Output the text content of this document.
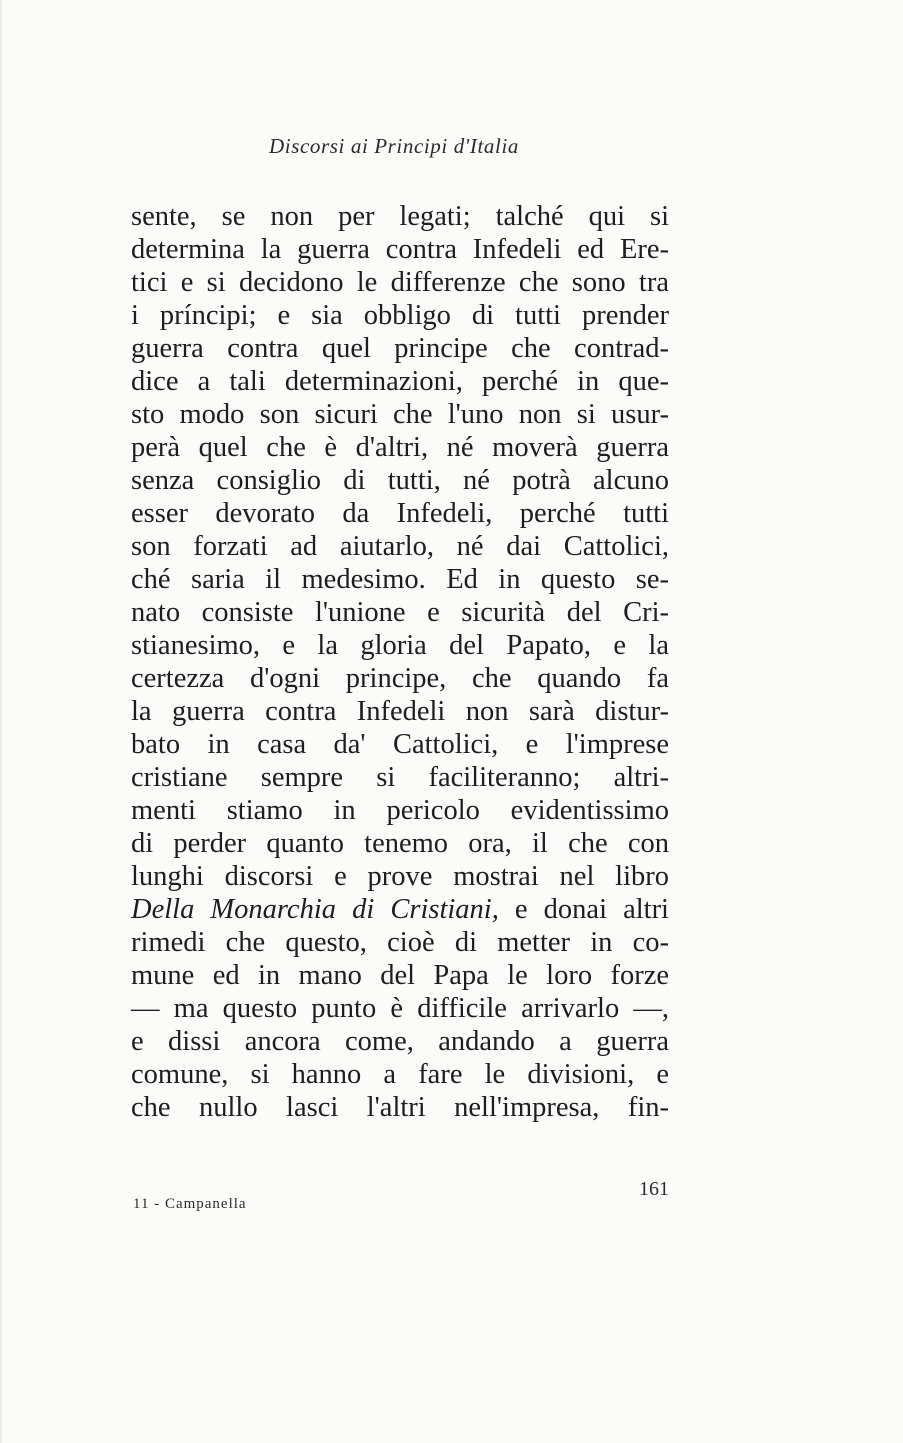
Discorsi ai Principi d'Italia
sente, se non per legati; talché qui si
determina la guerra contra Infedeli ed Ere-
tici e si decidono le differenze che sono tra
i príncipi; e sia obbligo di tutti prender
guerra contra quel principe che contrad-
dice a tali determinazioni, perché in que-
sto modo son sicuri che l'uno non si usur-
perà quel che è d'altri, né moverà guerra
senza consiglio di tutti, né potrà alcuno
esser devorato da Infedeli, perché tutti
son forzati ad aiutarlo, né dai Cattolici,
ché saria il medesimo. Ed in questo se-
nato consiste l'unione e sicurità del Cri-
stianesimo, e la gloria del Papato, e la
certezza d'ogni principe, che quando fa
la guerra contra Infedeli non sarà distur-
bato in casa da' Cattolici, e l'imprese
cristiane sempre si faciliteranno; altri-
menti stiamo in pericolo evidentissimo
di perder quanto tenemo ora, il che con
lunghi discorsi e prove mostrai nel libro
Della Monarchia di Cristiani, e donai altri
rimedi che questo, cioè di metter in co-
mune ed in mano del Papa le loro forze
— ma questo punto è difficile arrivarlo —,
e dissi ancora come, andando a guerra
comune, si hanno a fare le divisioni, e
che nullo lasci l'altri nell'impresa, fin-
161
11 - Campanella
